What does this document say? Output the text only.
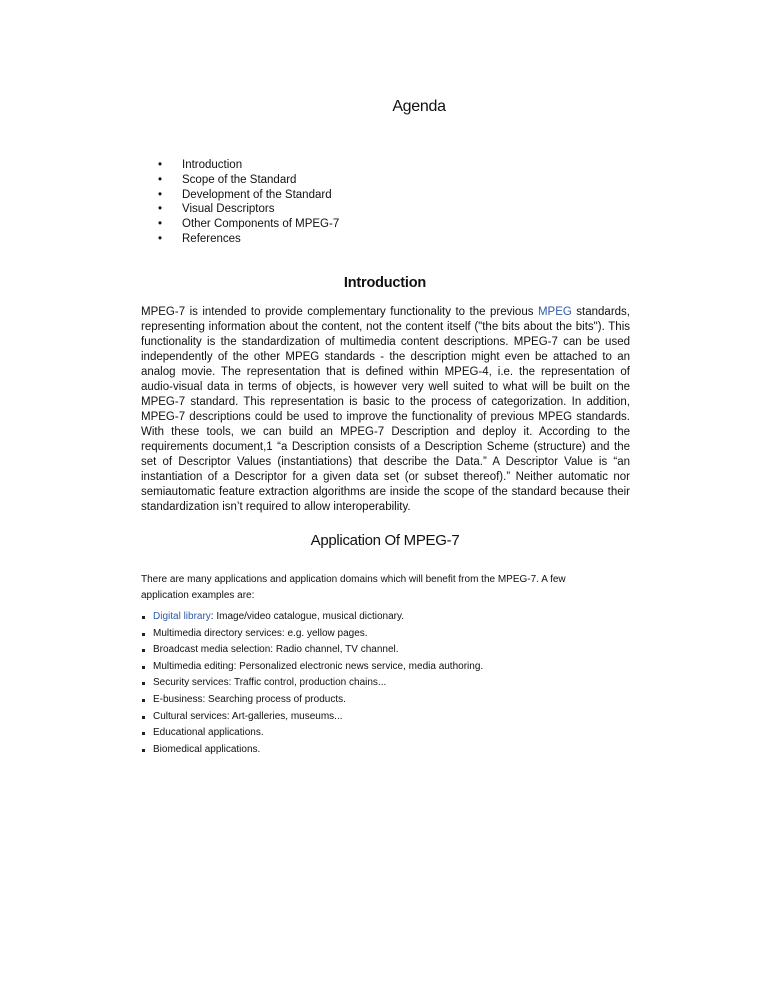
Agenda
• Introduction
• Scope of the Standard
• Development of the Standard
• Visual Descriptors
• Other Components of MPEG-7
• References
Introduction

MPEG-7 is intended to provide complementary functionality to the previous MPEG standards, representing information about the content, not the content itself ("the bits about the bits"). This functionality is the standardization of multimedia content descriptions. MPEG-7 can be used independently of the other MPEG standards - the description might even be attached to an analog movie. The representation that is defined within MPEG-4, i.e. the representation of audio-visual data in terms of objects, is however very well suited to what will be built on the MPEG-7 standard. This representation is basic to the process of categorization. In addition, MPEG-7 descriptions could be used to improve the functionality of previous MPEG standards. With these tools, we can build an MPEG-7 Description and deploy it. According to the requirements document,1 “a Description consists of a Description Scheme (structure) and the set of Descriptor Values (instantiations) that describe the Data.” A Descriptor Value is “an instantiation of a Descriptor for a given data set (or subset thereof).” Neither automatic nor semiautomatic feature extraction algorithms are inside the scope of the standard because their standardization isn’t required to allow interoperability.

Application Of MPEG-7

There are many applications and application domains which will benefit from the MPEG-7. A few application examples are:

Digital library: Image/video catalogue, musical dictionary.
Multimedia directory services: e.g. yellow pages.
Broadcast media selection: Radio channel, TV channel.
Multimedia editing: Personalized electronic news service, media authoring.
Security services: Traffic control, production chains...
E-business: Searching process of products.
Cultural services: Art-galleries, museums...
Educational applications.
Biomedical applications.
